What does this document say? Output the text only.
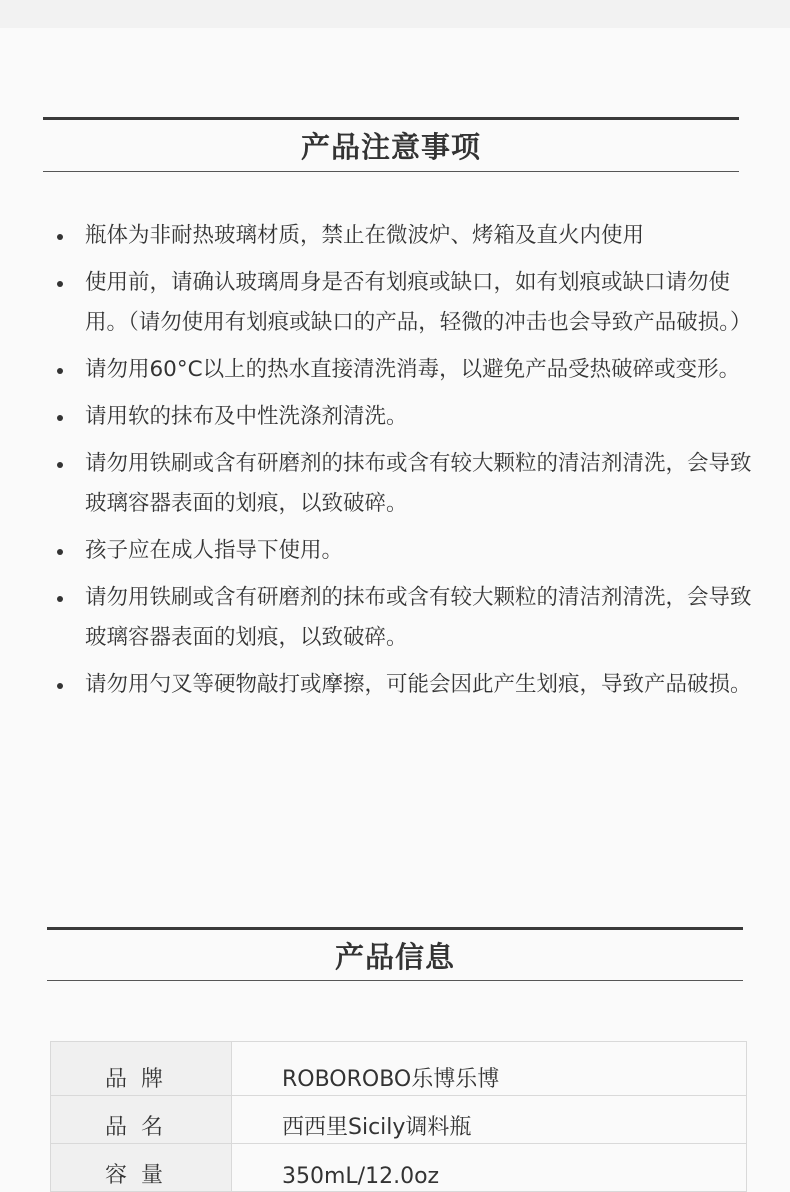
产品注意事项
瓶体为非耐热玻璃材质，禁止在微波炉、烤箱及直火内使用
使用前，请确认玻璃周身是否有划痕或缺口，如有划痕或缺口请勿使用。（请勿使用有划痕或缺口的产品，轻微的冲击也会导致产品破损。）
请勿用60°C以上的热水直接清洗消毒，以避免产品受热破碎或变形。
请用软的抹布及中性洗涤剂清洗。
请勿用铁刷或含有研磨剂的抹布或含有较大颗粒的清洁剂清洗，会导致玻璃容器表面的划痕，以致破碎。
孩子应在成人指导下使用。
请勿用铁刷或含有研磨剂的抹布或含有较大颗粒的清洁剂清洗，会导致玻璃容器表面的划痕，以致破碎。
请勿用勺叉等硬物敲打或摩擦，可能会因此产生划痕，导致产品破损。
产品信息
品牌	ROBOROBO乐博乐博
品名	西西里Sicily调料瓶
容量	350mL/12.0oz
